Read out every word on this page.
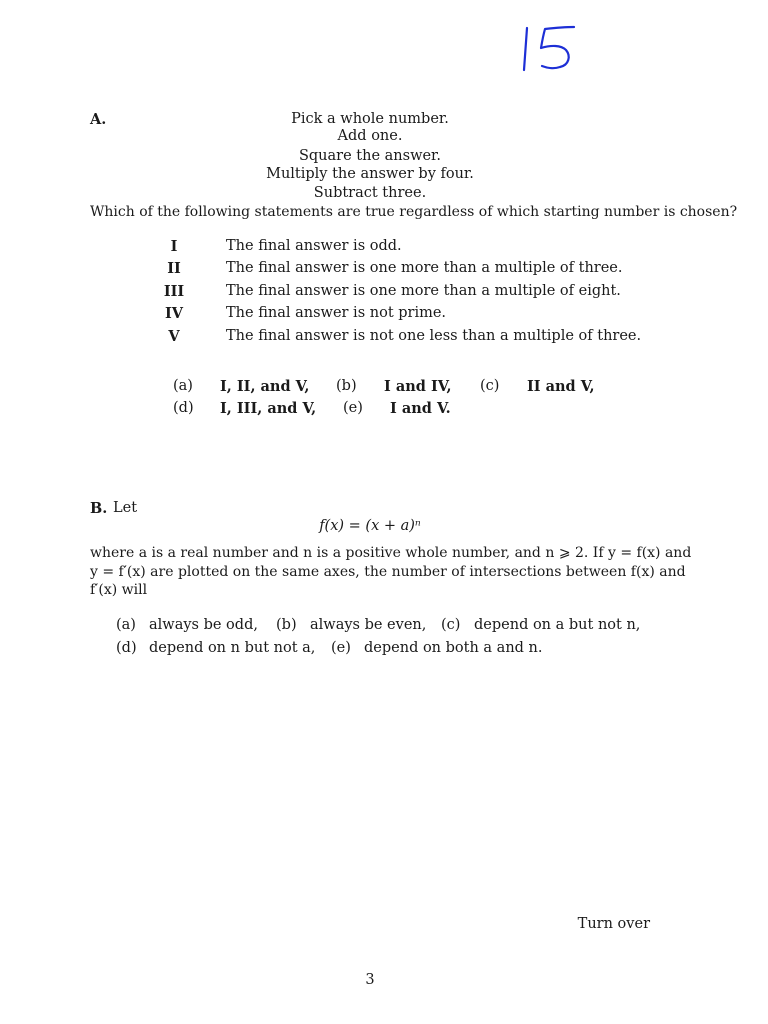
A.	Pick a whole number.
Add one.
Square the answer.
Multiply the answer by four.
Subtract three.
Which of the following statements are true regardless of which starting number is chosen?
I	The final answer is odd.
II	The final answer is one more than a multiple of three.
III	The final answer is one more than a multiple of eight.
IV	The final answer is not prime.
V	The final answer is not one less than a multiple of three.
(a) I, II, and V, (b) I and IV, (c) II and V,
(d) I, III, and V, (e) I and V.
B. Let
f(x) = (x + a)ⁿ
where a is a real number and n is a positive whole number, and n ⩾ 2. If y = f(x) and
y = f′(x) are plotted on the same axes, the number of intersections between f(x) and
f′(x) will
(a) always be odd, (b) always be even, (c) depend on a but not n,
(d) depend on n but not a, (e) depend on both a and n.
Turn over
3
